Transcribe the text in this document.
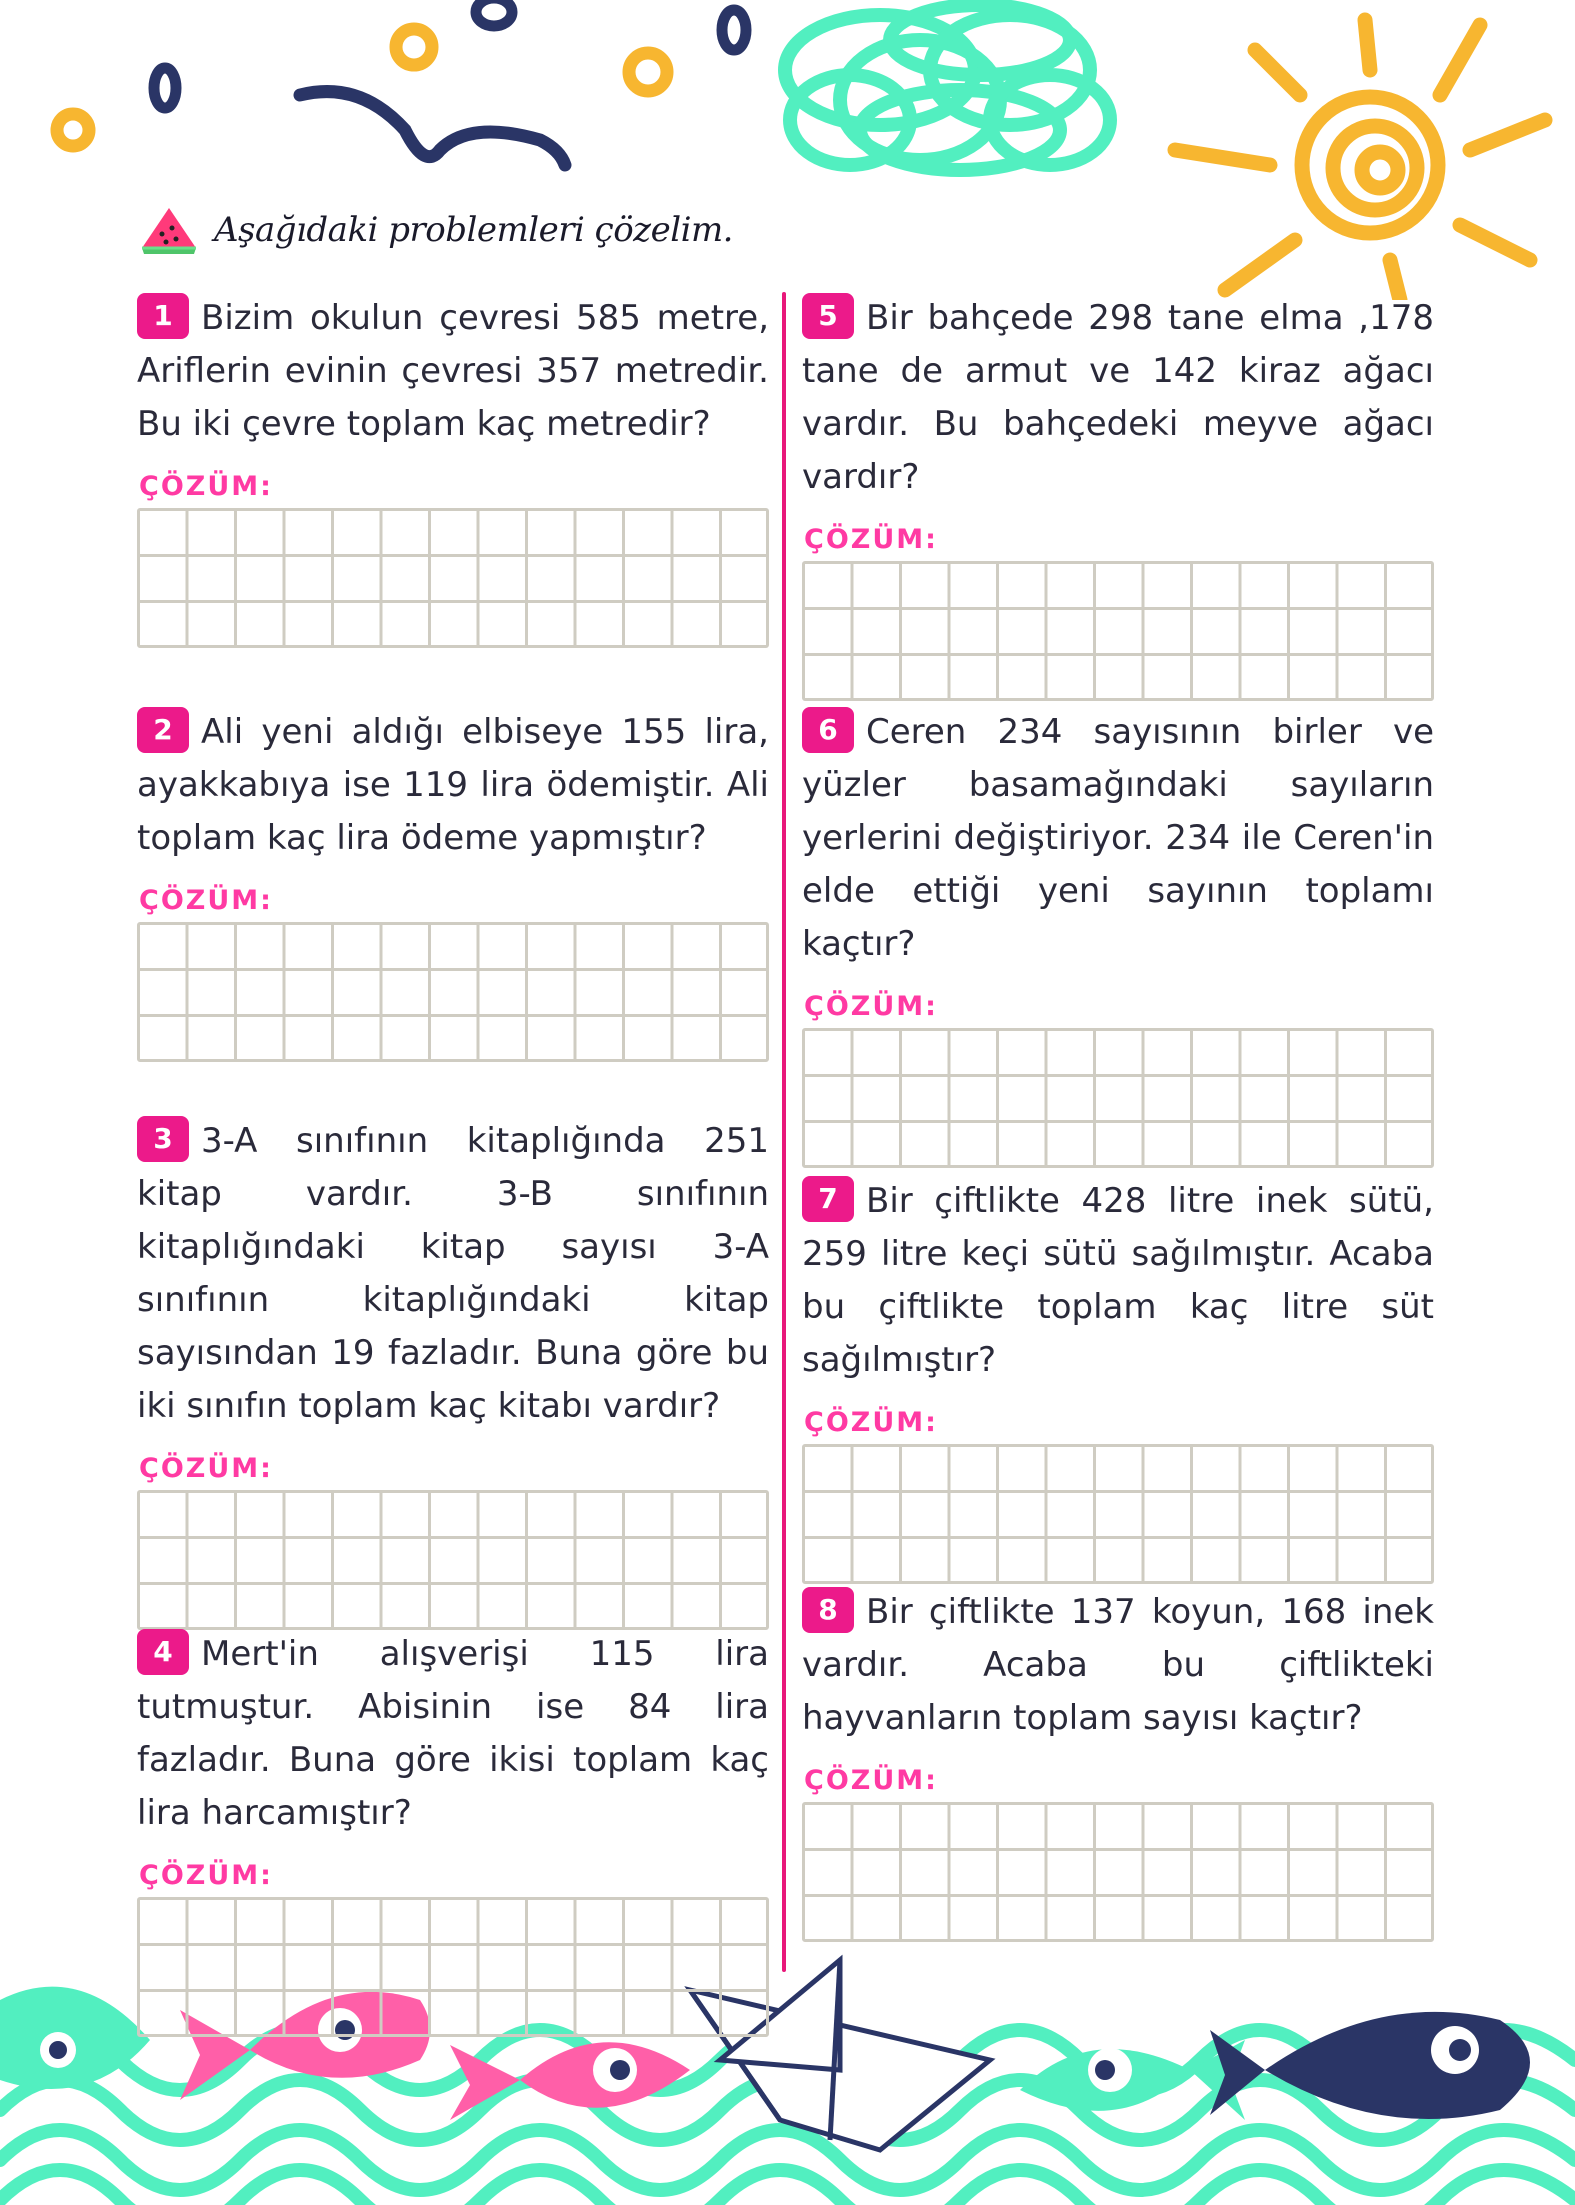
Aşağıdaki problemleri çözelim.

1 Bizim okulun çevresi 585 metre, Ariflerin evinin çevresi 357 metredir. Bu iki çevre toplam kaç metredir?

ÇÖZÜM:

2 Ali yeni aldığı elbiseye 155 lira, ayakkabıya ise 119 lira ödemiştir. Ali toplam kaç lira ödeme yapmıştır?

ÇÖZÜM:

3 3-A sınıfının kitaplığında 251 kitap vardır. 3-B sınıfının kitaplığındaki kitap sayısı 3-A sınıfının kitaplığındaki kitap sayısından 19 fazladır. Buna göre bu iki sınıfın toplam kaç kitabı vardır?

ÇÖZÜM:

4 Mert'in alışverişi 115 lira tutmuştur. Abisinin ise 84 lira fazladır. Buna göre ikisi toplam kaç lira harcamıştır?

ÇÖZÜM:

5 Bir bahçede 298 tane elma ,178 tane de armut ve 142 kiraz ağacı vardır. Bu bahçedeki meyve ağacı vardır?

ÇÖZÜM:

6 Ceren 234 sayısının birler ve yüzler basamağındaki sayıların yerlerini değiştiriyor. 234 ile Ceren'in elde ettiği yeni sayının toplamı kaçtır?

ÇÖZÜM:

7 Bir çiftlikte 428 litre inek sütü, 259 litre keçi sütü sağılmıştır. Acaba bu çiftlikte toplam kaç litre süt sağılmıştır?

ÇÖZÜM:

8 Bir çiftlikte 137 koyun, 168 inek vardır. Acaba bu çiftlikteki hayvanların toplam sayısı kaçtır?

ÇÖZÜM:
